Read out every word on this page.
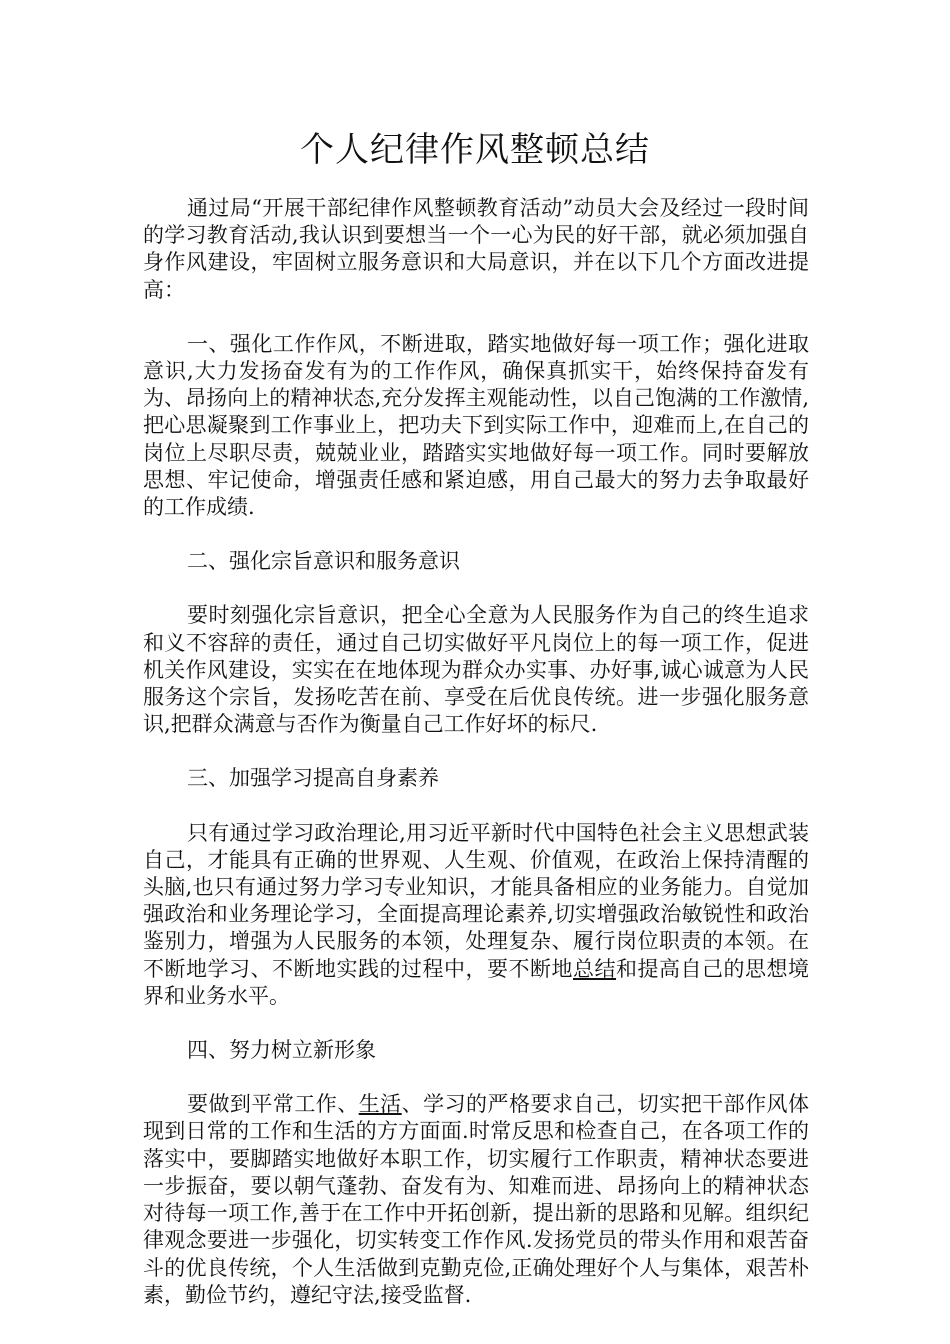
个人纪律作风整顿总结

通过局“开展干部纪律作风整顿教育活动”动员大会及经过一段时间的学习教育活动,我认识到要想当一个一心为民的好干部，就必须加强自身作风建设，牢固树立服务意识和大局意识，并在以下几个方面改进提高：

一、强化工作作风，不断进取，踏实地做好每一项工作；强化进取意识,大力发扬奋发有为的工作作风，确保真抓实干，始终保持奋发有为、昂扬向上的精神状态,充分发挥主观能动性，以自己饱满的工作激情,把心思凝聚到工作事业上，把功夫下到实际工作中，迎难而上,在自己的岗位上尽职尽责，兢兢业业，踏踏实实地做好每一项工作。同时要解放思想、牢记使命，增强责任感和紧迫感，用自己最大的努力去争取最好的工作成绩.

二、强化宗旨意识和服务意识

要时刻强化宗旨意识，把全心全意为人民服务作为自己的终生追求和义不容辞的责任，通过自己切实做好平凡岗位上的每一项工作，促进机关作风建设，实实在在地体现为群众办实事、办好事,诚心诚意为人民服务这个宗旨，发扬吃苦在前、享受在后优良传统。进一步强化服务意识,把群众满意与否作为衡量自己工作好坏的标尺.

三、加强学习提高自身素养

只有通过学习政治理论,用习近平新时代中国特色社会主义思想武装自己，才能具有正确的世界观、人生观、价值观，在政治上保持清醒的头脑,也只有通过努力学习专业知识，才能具备相应的业务能力。自觉加强政治和业务理论学习，全面提高理论素养,切实增强政治敏锐性和政治鉴别力，增强为人民服务的本领，处理复杂、履行岗位职责的本领。在不断地学习、不断地实践的过程中，要不断地总结和提高自己的思想境界和业务水平。

四、努力树立新形象

要做到平常工作、生活、学习的严格要求自己，切实把干部作风体现到日常的工作和生活的方方面面.时常反思和检查自己，在各项工作的落实中，要脚踏实地做好本职工作，切实履行工作职责，精神状态要进一步振奋，要以朝气蓬勃、奋发有为、知难而进、昂扬向上的精神状态对待每一项工作,善于在工作中开拓创新，提出新的思路和见解。组织纪律观念要进一步强化，切实转变工作作风.发扬党员的带头作用和艰苦奋斗的优良传统，个人生活做到克勤克俭,正确处理好个人与集体，艰苦朴素，勤俭节约，遵纪守法,接受监督.
